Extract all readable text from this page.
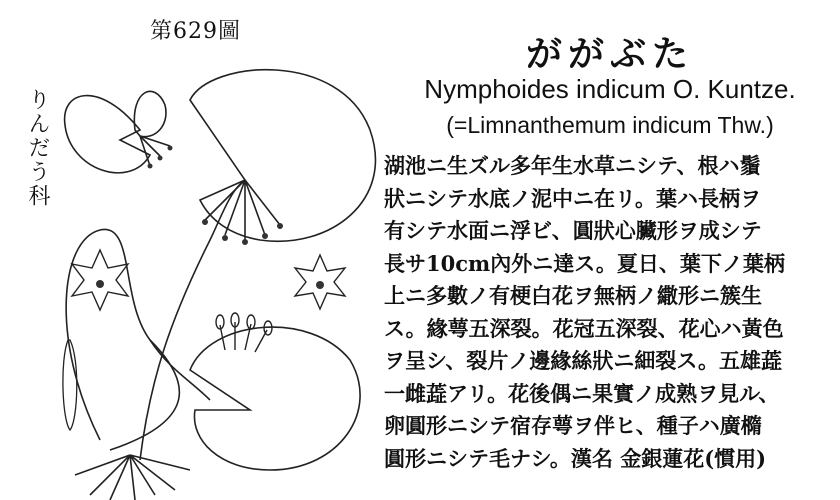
第629圖
りんだう科
ががぶた
Nymphoides indicum O. Kuntze.
(=Limnanthemum indicum Thw.)
湖池ニ生ズル多年生水草ニシテ、根ハ鬚
狀ニシテ水底ノ泥中ニ在リ。葉ハ長柄ヲ
有シテ水面ニ浮ビ、圓狀心臟形ヲ成シテ
長サ10cm內外ニ達ス。夏日、葉下ノ葉柄
上ニ多數ノ有梗白花ヲ無柄ノ繖形ニ簇生
ス。緣萼五深裂。花冠五深裂、花心ハ黃色
ヲ呈シ、裂片ノ邊緣絲狀ニ細裂ス。五雄蕋
一雌蕋アリ。花後偶ニ果實ノ成熟ヲ見ル、
卵圓形ニシテ宿存萼ヲ伴ヒ、種子ハ廣橢
圓形ニシテ毛ナシ。漢名 金銀蓮花(慣用)
